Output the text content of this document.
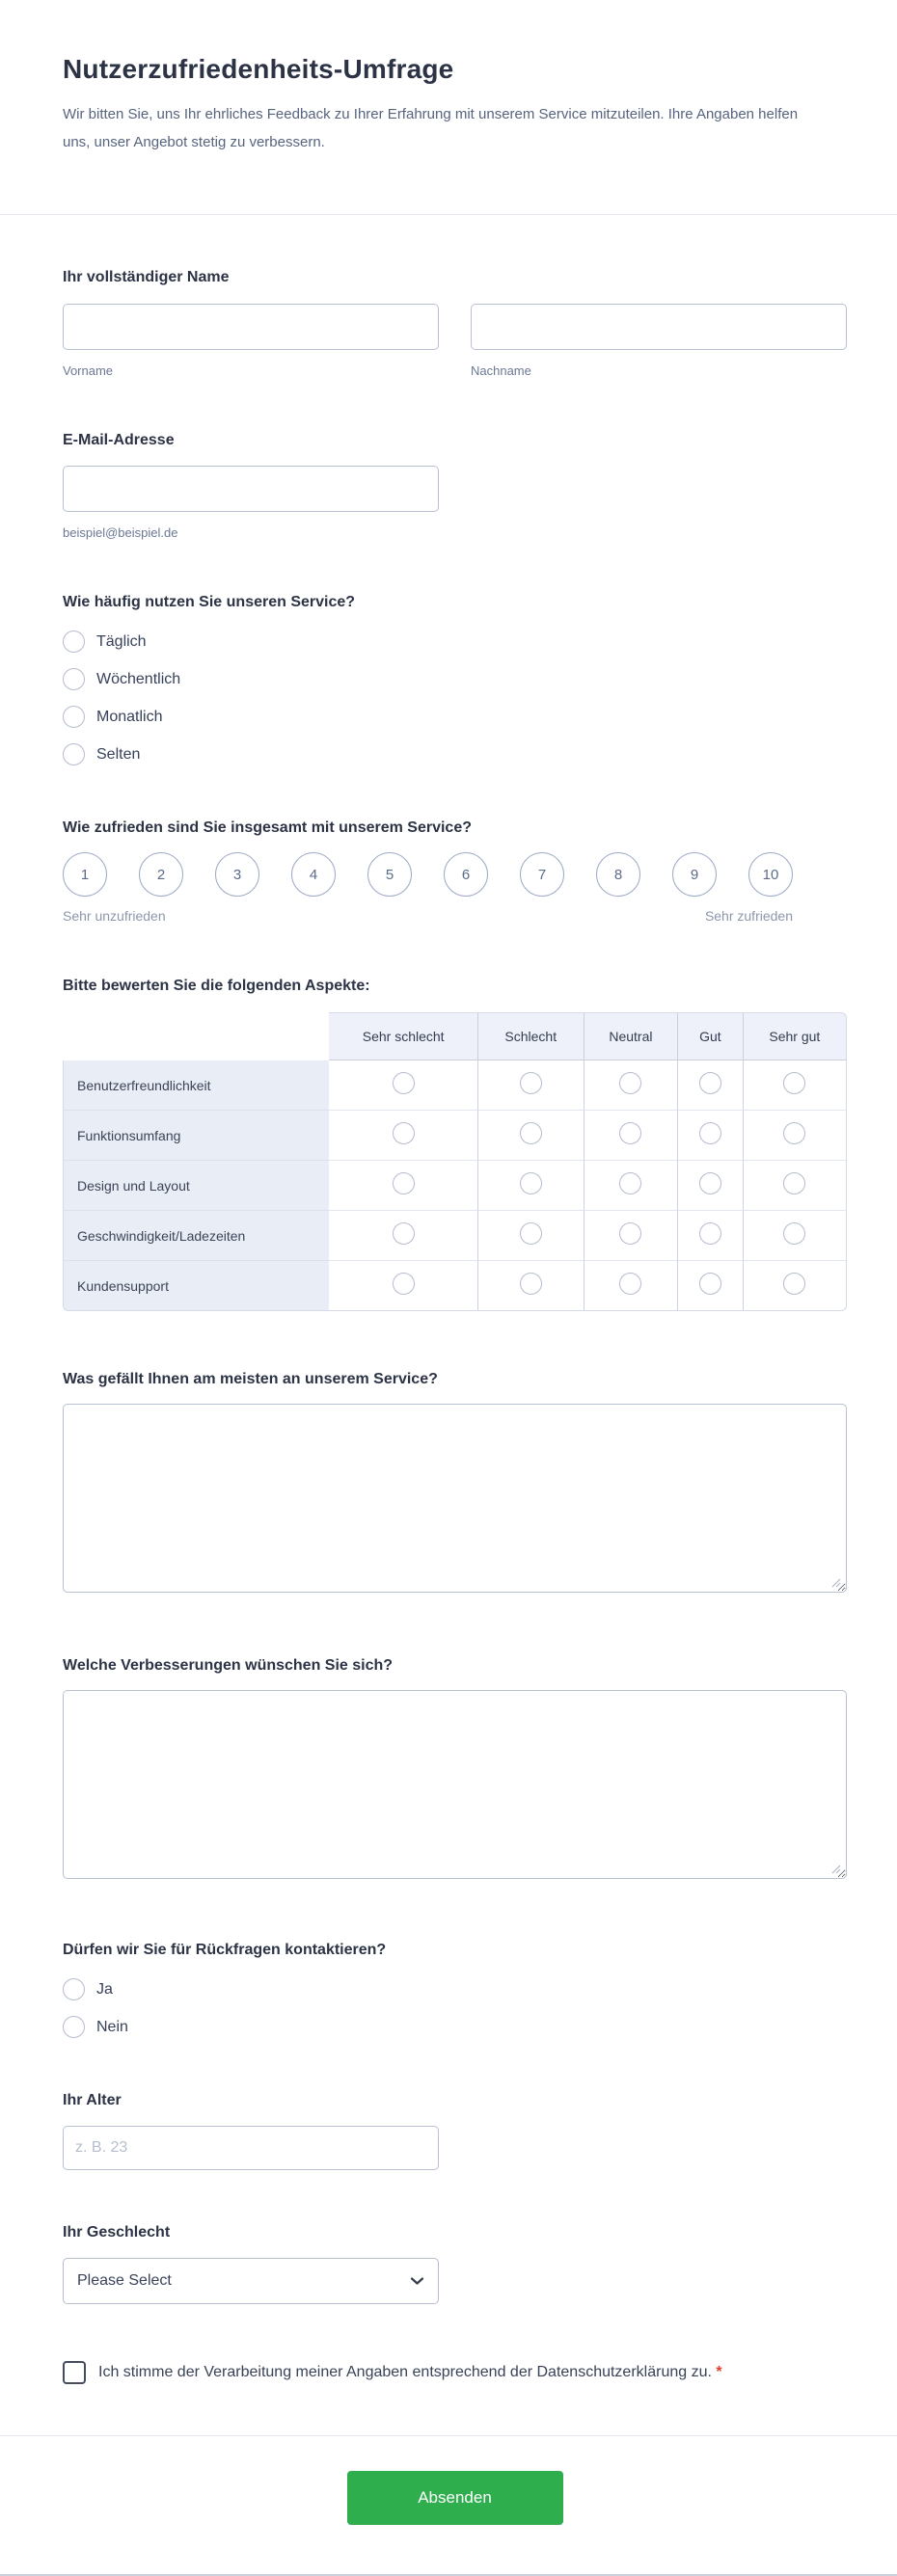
Nutzerzufriedenheits-Umfrage

Wir bitten Sie, uns Ihr ehrliches Feedback zu Ihrer Erfahrung mit unserem Service mitzuteilen. Ihre Angaben helfen uns, unser Angebot stetig zu verbessern.

Ihr vollständiger Name
Vorname	Nachname
E-Mail-Adresse
beispiel@beispiel.de
Wie häufig nutzen Sie unseren Service?
Täglich
Wöchentlich
Monatlich
Selten
Wie zufrieden sind Sie insgesamt mit unserem Service?
1	2	3	4	5	6	7	8	9	10
Sehr unzufrieden	Sehr zufrieden
Bitte bewerten Sie die folgenden Aspekte:
	Sehr schlecht	Schlecht	Neutral	Gut	Sehr gut
Benutzerfreundlichkeit					
Funktionsumfang					
Design und Layout					
Geschwindigkeit/Ladezeiten					
Kundensupport					
Was gefällt Ihnen am meisten an unserem Service?
Welche Verbesserungen wünschen Sie sich?
Dürfen wir Sie für Rückfragen kontaktieren?
Ja
Nein
Ihr Alter
z. B. 23
Ihr Geschlecht
Please Select
Ich stimme der Verarbeitung meiner Angaben entsprechend der Datenschutzerklärung zu. *
Absenden
